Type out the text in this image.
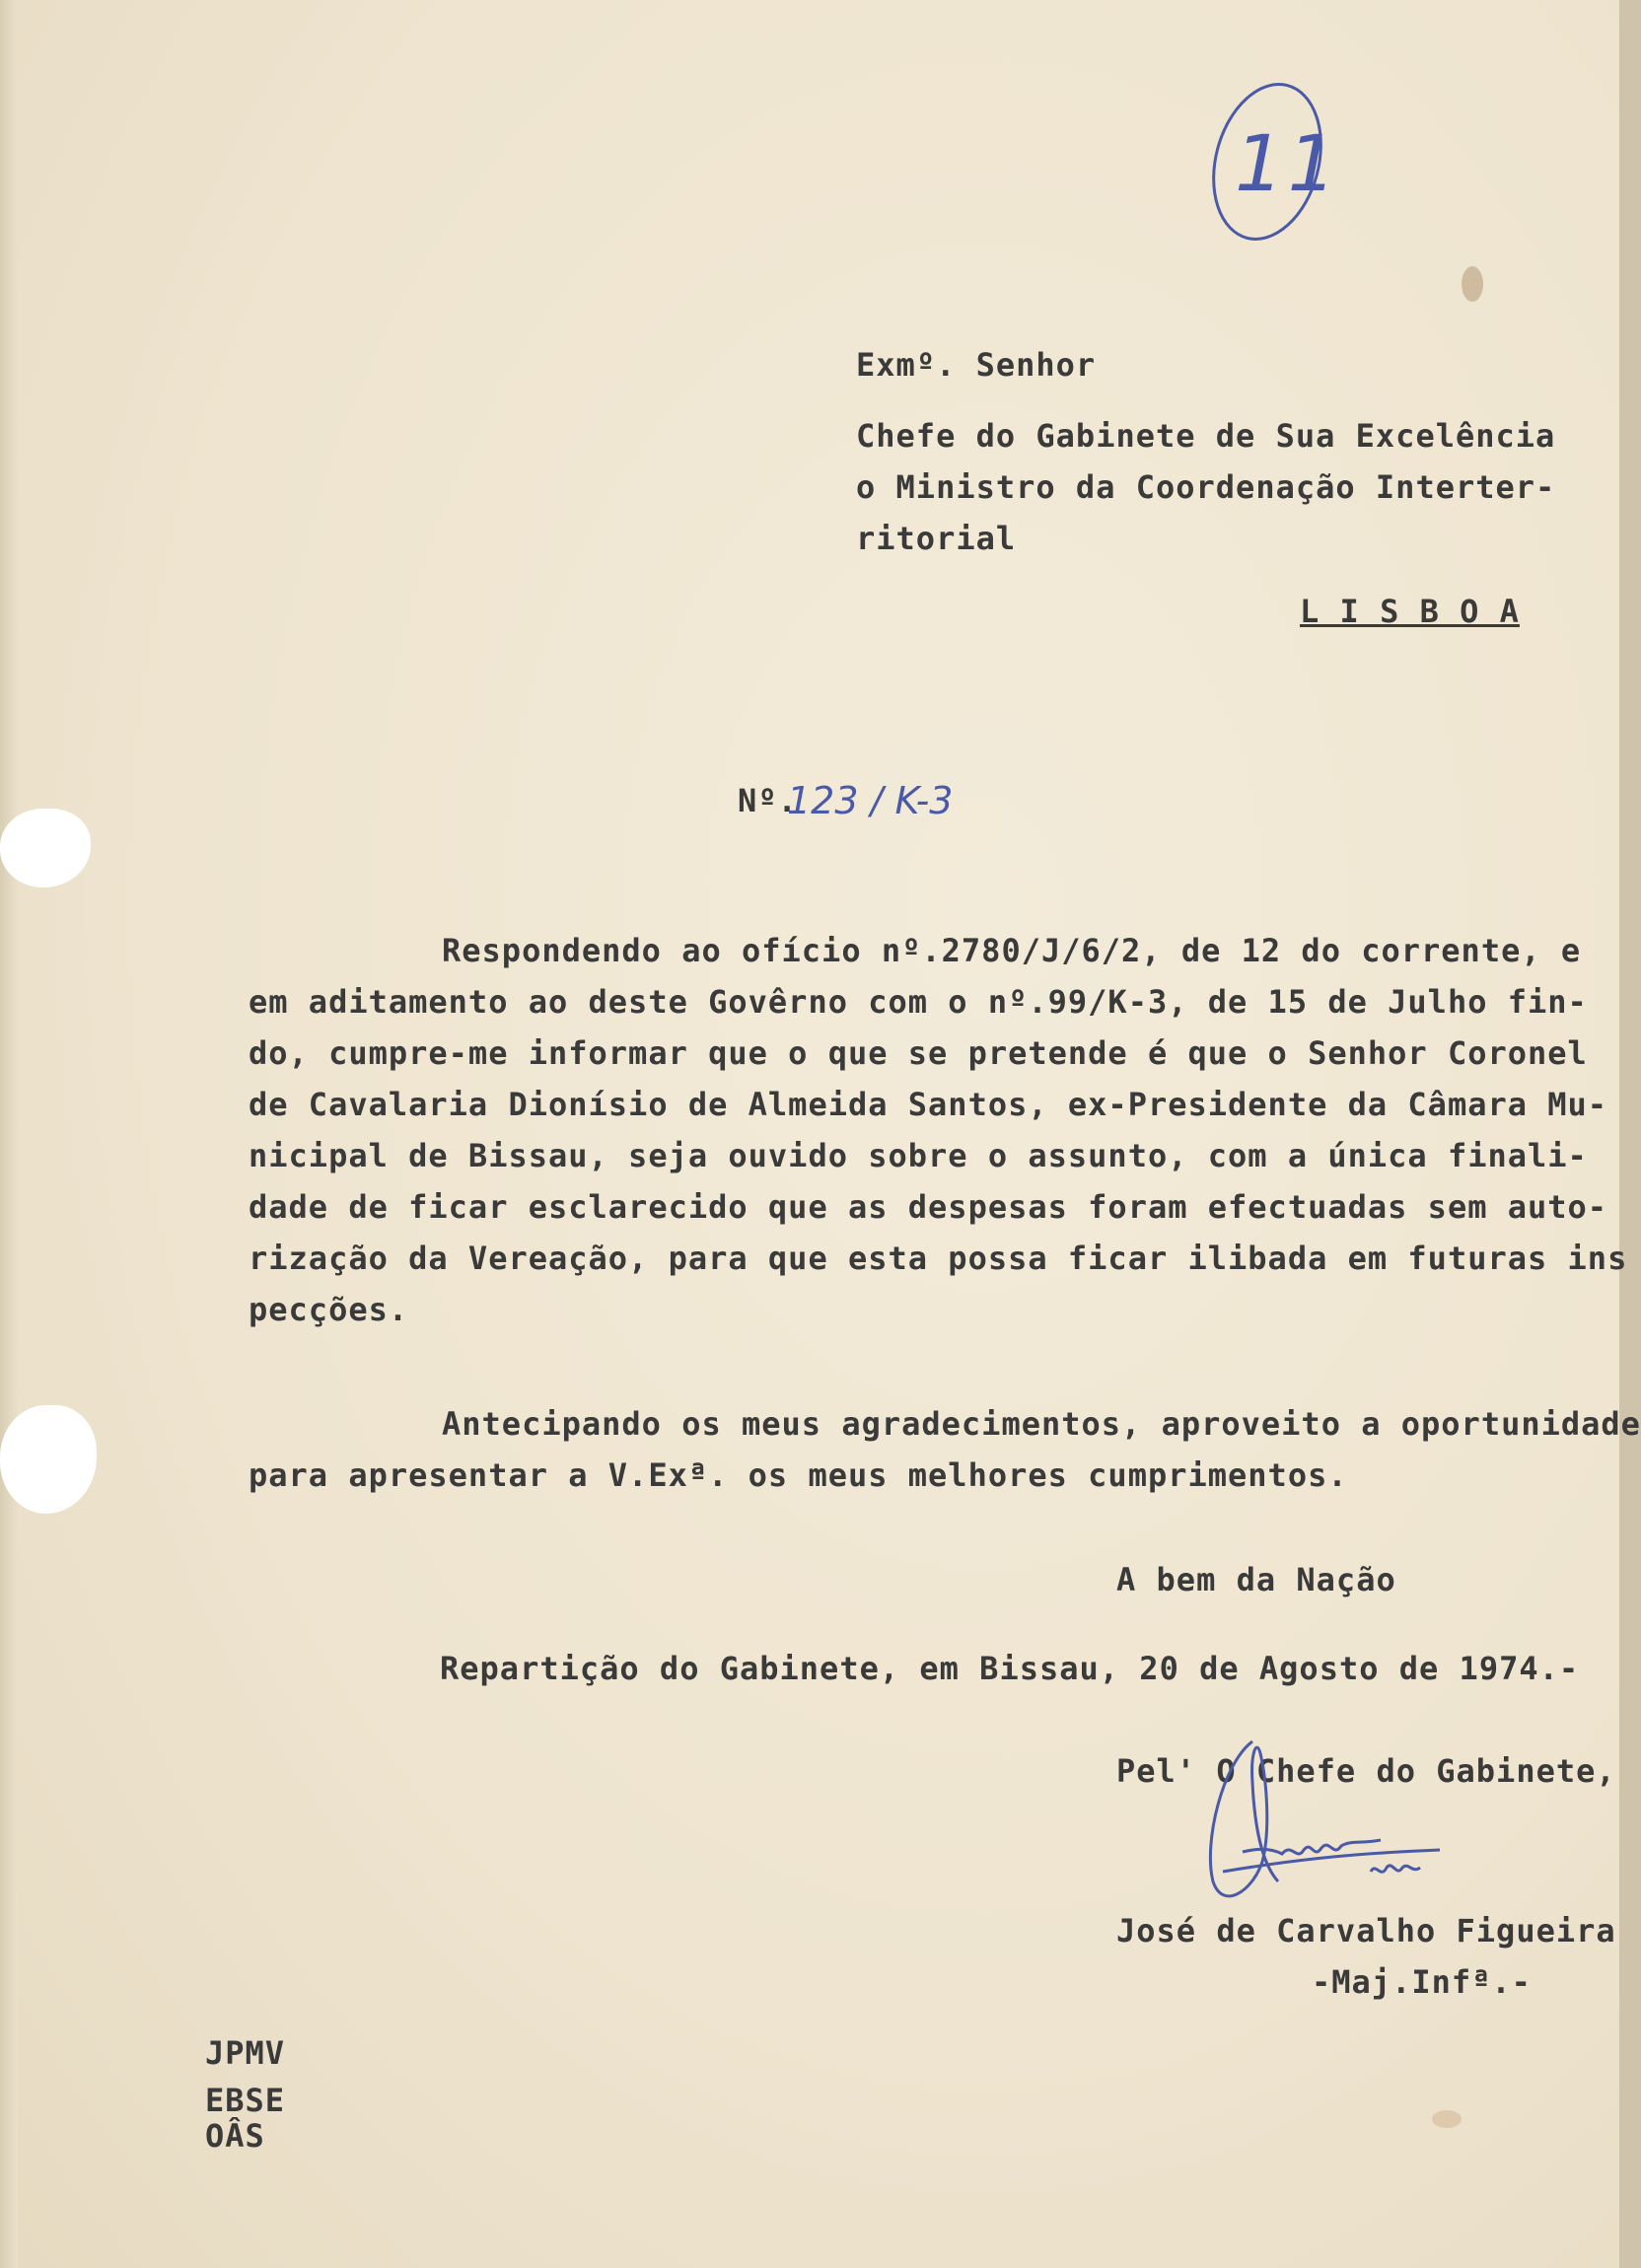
11
Exmº. Senhor
Chefe do Gabinete de Sua Excelência
o Ministro da Coordenação Interter-
ritorial
L I S B O A
Nº.
123 / K-3
Respondendo ao ofício nº.2780/J/6/2, de 12 do corrente, e
em aditamento ao deste Govêrno com o nº.99/K-3, de 15 de Julho fin-
do, cumpre-me informar que o que se pretende é que o Senhor Coronel
de Cavalaria Dionísio de Almeida Santos, ex-Presidente da Câmara Mu-
nicipal de Bissau, seja ouvido sobre o assunto, com a única finali-
dade de ficar esclarecido que as despesas foram efectuadas sem auto-
rização da Vereação, para que esta possa ficar ilibada em futuras ins
pecções.
Antecipando os meus agradecimentos, aproveito a oportunidade
para apresentar a V.Exª. os meus melhores cumprimentos.
A bem da Nação
Repartição do Gabinete, em Bissau, 20 de Agosto de 1974.-
Pel' O Chefe do Gabinete,
José de Carvalho Figueira
-Maj.Infª.-
JPMV
EBSE
OÂS
